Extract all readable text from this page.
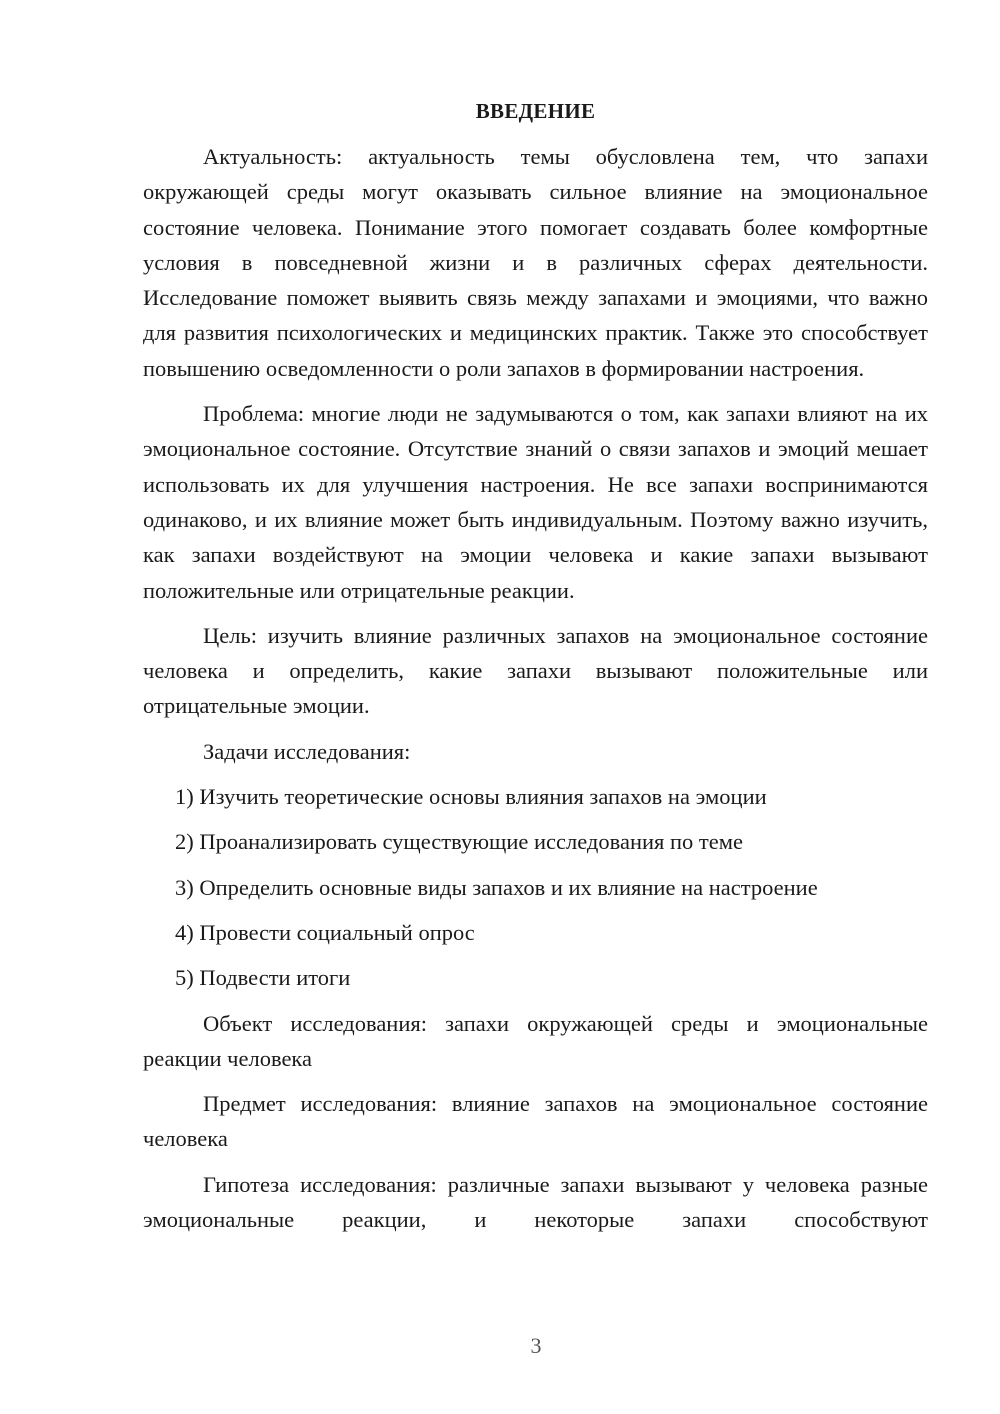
ВВЕДЕНИЕ

Актуальность: актуальность темы обусловлена тем, что запахи окружающей среды могут оказывать сильное влияние на эмоциональное состояние человека. Понимание этого помогает создавать более комфортные условия в повседневной жизни и в различных сферах деятельности. Исследование поможет выявить связь между запахами и эмоциями, что важно для развития психологических и медицинских практик. Также это способствует повышению осведомленности о роли запахов в формировании настроения.

Проблема: многие люди не задумываются о том, как запахи влияют на их эмоциональное состояние. Отсутствие знаний о связи запахов и эмоций мешает использовать их для улучшения настроения. Не все запахи воспринимаются одинаково, и их влияние может быть индивидуальным. Поэтому важно изучить, как запахи воздействуют на эмоции человека и какие запахи вызывают положительные или отрицательные реакции.

Цель: изучить влияние различных запахов на эмоциональное состояние человека и определить, какие запахи вызывают положительные или отрицательные эмоции.

Задачи исследования:

1) Изучить теоретические основы влияния запахов на эмоции
2) Проанализировать существующие исследования по теме
3) Определить основные виды запахов и их влияние на настроение
4) Провести социальный опрос
5) Подвести итоги

Объект исследования: запахи окружающей среды и эмоциональные реакции человека

Предмет исследования: влияние запахов на эмоциональное состояние человека

Гипотеза исследования: различные запахи вызывают у человека разные эмоциональные реакции, и некоторые запахи способствуют

3
